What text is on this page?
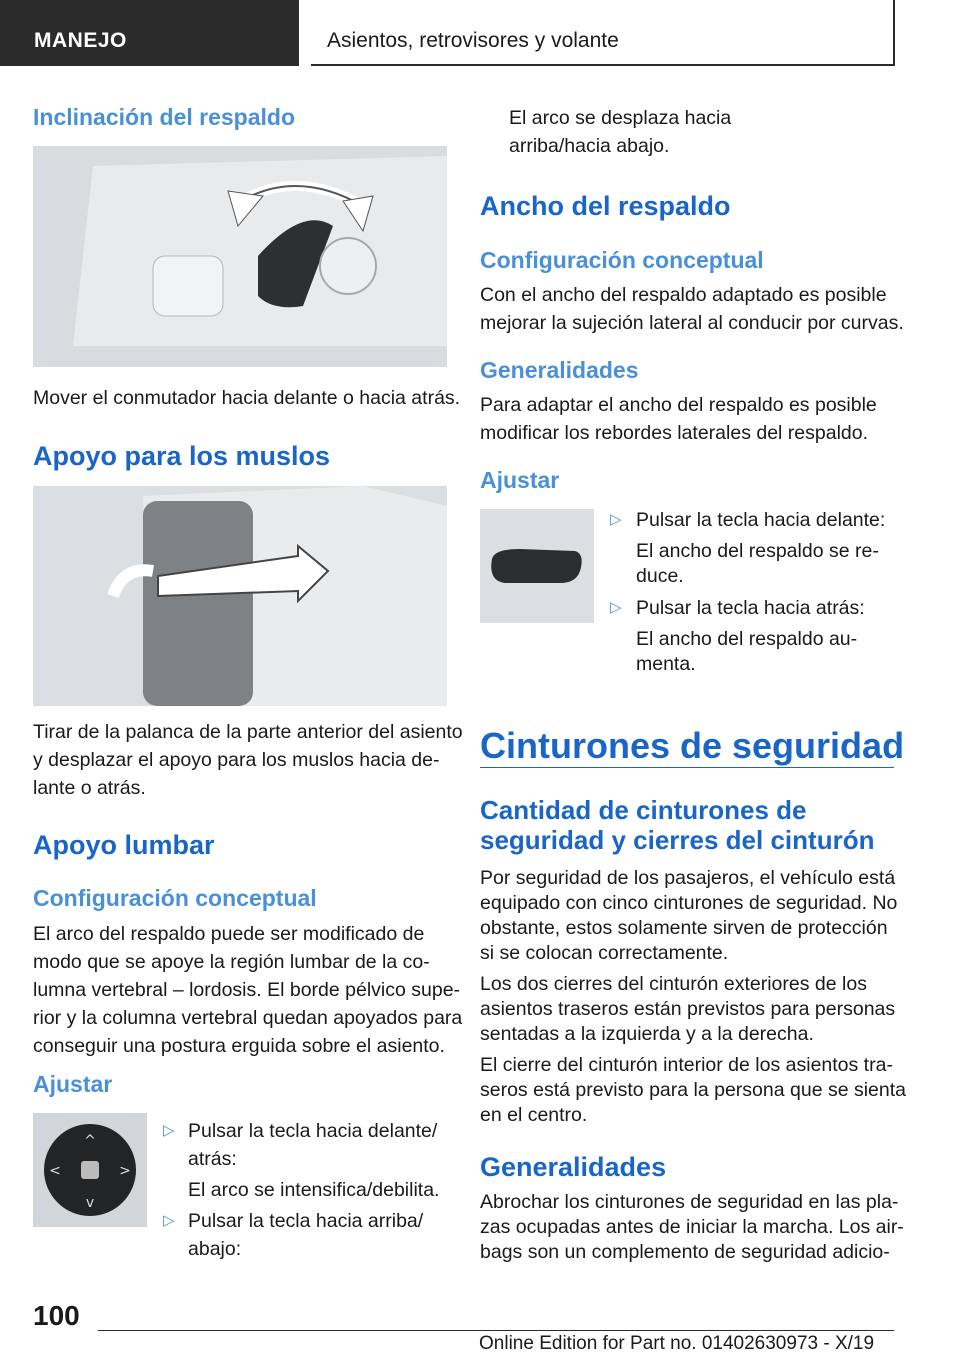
MANEJO	Asientos, retrovisores y volante
Inclinación del respaldo

Mover el conmutador hacia delante o hacia atrás.

Apoyo para los muslos

Tirar de la palanca de la parte anterior del asiento

y desplazar el apoyo para los muslos hacia de-

lante o atrás.

Apoyo lumbar
Configuración conceptual

El arco del respaldo puede ser modificado de

modo que se apoye la región lumbar de la co-

lumna vertebral – lordosis. El borde pélvico supe-

rior y la columna vertebral quedan apoyados para

conseguir una postura erguida sobre el asiento.

Ajustar
^
v
<	>
▷ Pulsar la tecla hacia delante/
atrás:
El arco se intensifica/debilita.
▷ Pulsar la tecla hacia arriba/
abajo:

El arco se desplaza hacia

arriba/hacia abajo.

Ancho del respaldo
Configuración conceptual

Con el ancho del respaldo adaptado es posible

mejorar la sujeción lateral al conducir por curvas.

Generalidades

Para adaptar el ancho del respaldo es posible

modificar los rebordes laterales del respaldo.

Ajustar
▷ Pulsar la tecla hacia delante:
El ancho del respaldo se re-
duce.
▷ Pulsar la tecla hacia atrás:
El ancho del respaldo au-
menta.
Cinturones de seguridad
Cantidad de cinturones de
seguridad y cierres del cinturón

Por seguridad de los pasajeros, el vehículo está

equipado con cinco cinturones de seguridad. No

obstante, estos solamente sirven de protección

si se colocan correctamente.

Los dos cierres del cinturón exteriores de los

asientos traseros están previstos para personas

sentadas a la izquierda y a la derecha.

El cierre del cinturón interior de los asientos tra-

seros está previsto para la persona que se sienta

en el centro.

Generalidades

Abrochar los cinturones de seguridad en las pla-

zas ocupadas antes de iniciar la marcha. Los air-

bags son un complemento de seguridad adicio-

100
Online Edition for Part no. 01402630973 - X/19
